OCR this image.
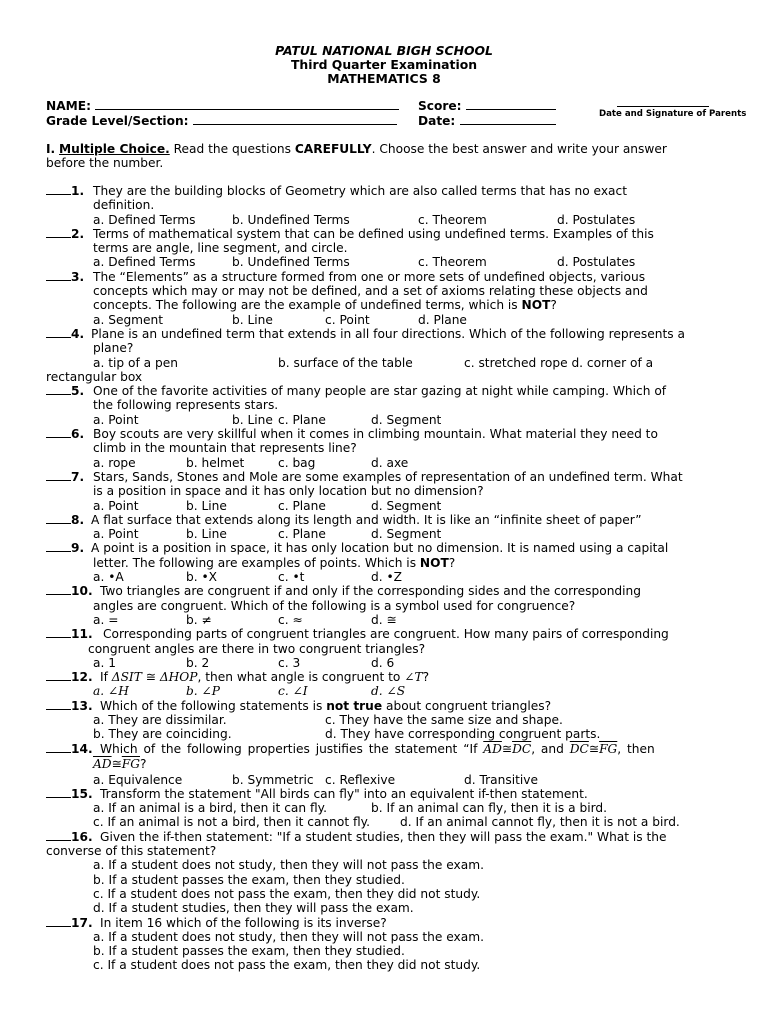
PATUL NATIONAL BIGH SCHOOL
Third Quarter Examination
MATHEMATICS 8
NAME:	Score:
Date and Signature of Parents
Grade Level/Section:	Date:
I. Multiple Choice. Read the questions CAREFULLY. Choose the best answer and write your answer
before the number.
1. They are the building blocks of Geometry which are also called terms that has no exact
definition.
a. Defined Terms	b. Undefined Terms	c. Theorem	d. Postulates
2. Terms of mathematical system that can be defined using undefined terms. Examples of this
terms are angle, line segment, and circle.
a. Defined Terms	b. Undefined Terms	c. Theorem	d. Postulates
3. The “Elements” as a structure formed from one or more sets of undefined objects, various
concepts which may or may not be defined, and a set of axioms relating these objects and
concepts. The following are the example of undefined terms, which is NOT?
a. Segment	b. Line	c. Point	d. Plane
4. Plane is an undefined term that extends in all four directions. Which of the following represents a
plane?
a. tip of a pen	b. surface of the table	c. stretched rope d. corner of a
rectangular box
5. One of the favorite activities of many people are star gazing at night while camping. Which of
the following represents stars.
a. Point	b. Line c. Plane	d. Segment
6. Boy scouts are very skillful when it comes in climbing mountain. What material they need to
climb in the mountain that represents line?
a. rope	b. helmet	c. bag	d. axe
7. Stars, Sands, Stones and Mole are some examples of representation of an undefined term. What
is a position in space and it has only location but no dimension?
a. Point	b. Line	c. Plane	d. Segment
8. A flat surface that extends along its length and width. It is like an “infinite sheet of paper”
a. Point	b. Line	c. Plane	d. Segment
9. A point is a position in space, it has only location but no dimension. It is named using a capital
letter. The following are examples of points. Which is NOT?
a. •A	b. •X	c. •t	d. •Z
10. Two triangles are congruent if and only if the corresponding sides and the corresponding
angles are congruent. Which of the following is a symbol used for congruence?
a. =	b. ≠	c. ≈	d. ≅
11. Corresponding parts of congruent triangles are congruent. How many pairs of corresponding
congruent angles are there in two congruent triangles?
a. 1	b. 2	c. 3	d. 6
12. If ΔSIT ≅ ΔHOP, then what angle is congruent to ∠T?
a. ∠H	b. ∠P	c. ∠I	d. ∠S
13. Which of the following statements is not true about congruent triangles?
a. They are dissimilar.	c. They have the same size and shape.
b. They are coinciding.	d. They have corresponding congruent parts.
14. Which of the following properties justifies the statement “If $\overline{AD}≅\overline{DC}$, and $\overline{DC}≅\overline{FG}$, then
$\overline{AD}≅\overline{FG}$?
a. Equivalence	b. Symmetric c. Reflexive	d. Transitive
15. Transform the statement "All birds can fly" into an equivalent if-then statement.
a. If an animal is a bird, then it can fly.	b. If an animal can fly, then it is a bird.
c. If an animal is not a bird, then it cannot fly. d. If an animal cannot fly, then it is not a bird.
16. Given the if-then statement: "If a student studies, then they will pass the exam." What is the
converse of this statement?
a. If a student does not study, then they will not pass the exam.
b. If a student passes the exam, then they studied.
c. If a student does not pass the exam, then they did not study.
d. If a student studies, then they will pass the exam.
17. In item 16 which of the following is its inverse?
a. If a student does not study, then they will not pass the exam.
b. If a student passes the exam, then they studied.
c. If a student does not pass the exam, then they did not study.
